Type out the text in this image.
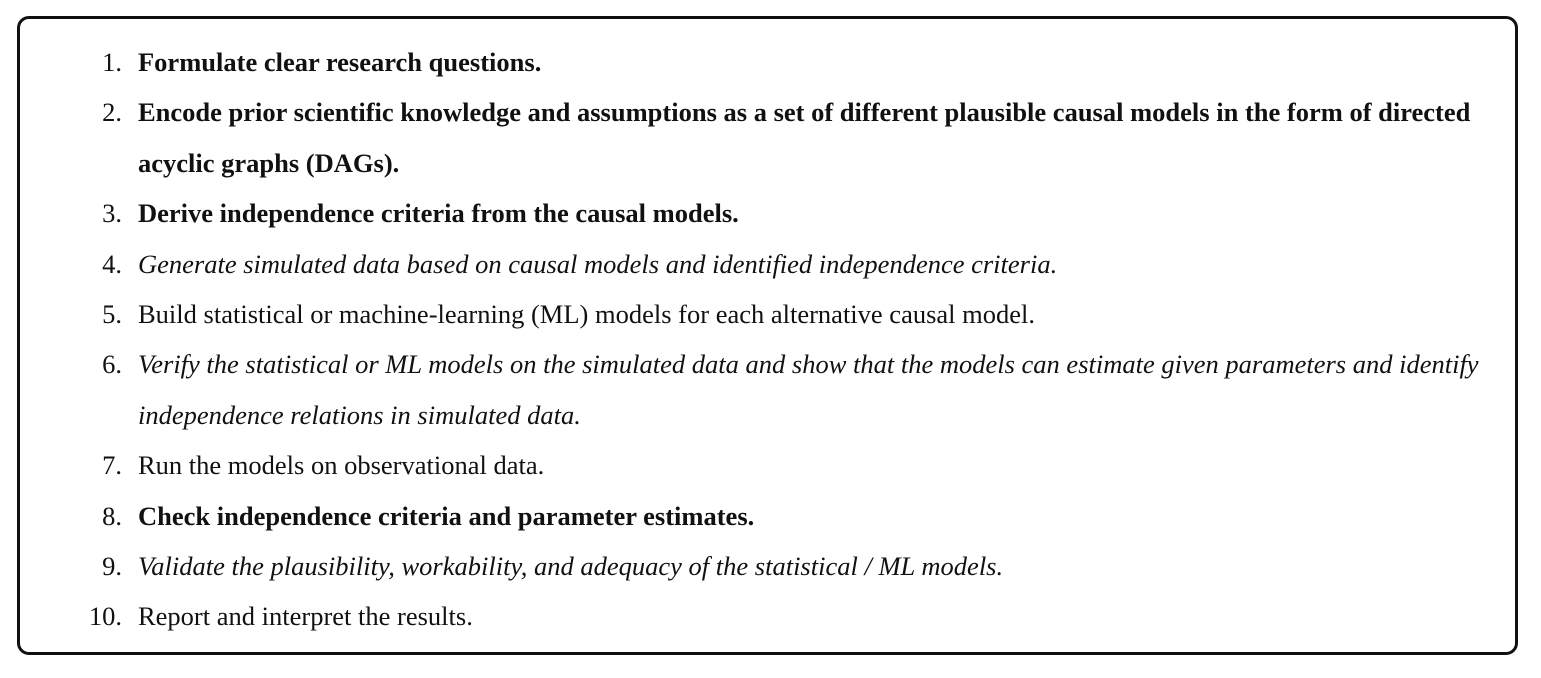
1. Formulate clear research questions.
2. Encode prior scientific knowledge and assumptions as a set of different plausible causal models in the form of directed acyclic graphs (DAGs).
3. Derive independence criteria from the causal models.
4. Generate simulated data based on causal models and identified independence criteria.
5. Build statistical or machine-learning (ML) models for each alternative causal model.
6. Verify the statistical or ML models on the simulated data and show that the models can estimate given parameters and identify independence relations in simulated data.
7. Run the models on observational data.
8. Check independence criteria and parameter estimates.
9. Validate the plausibility, workability, and adequacy of the statistical / ML models.
10. Report and interpret the results.
